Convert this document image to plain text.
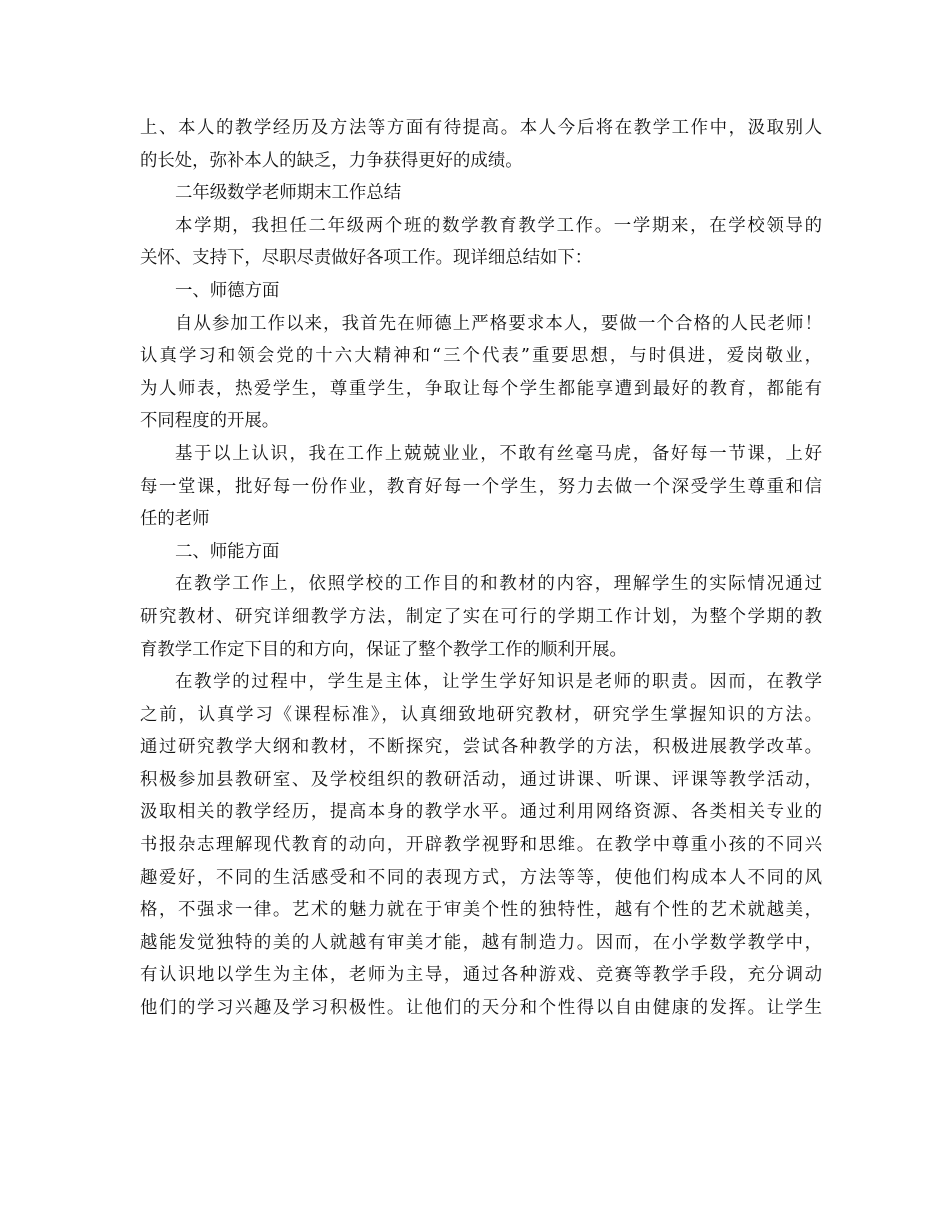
上、本人的教学经历及方法等方面有待提高。本人今后将在教学工作中，汲取别人
的长处，弥补本人的缺乏，力争获得更好的成绩。
二年级数学老师期末工作总结
本学期，我担任二年级两个班的数学教育教学工作。一学期来，在学校领导的
关怀、支持下，尽职尽责做好各项工作。现详细总结如下：
一、师德方面
自从参加工作以来，我首先在师德上严格要求本人，要做一个合格的人民老师！
认真学习和领会党的十六大精神和“三个代表”重要思想，与时俱进，爱岗敬业，
为人师表，热爱学生，尊重学生，争取让每个学生都能享遭到最好的教育，都能有
不同程度的开展。
基于以上认识，我在工作上兢兢业业，不敢有丝毫马虎，备好每一节课，上好
每一堂课，批好每一份作业，教育好每一个学生，努力去做一个深受学生尊重和信
任的老师
二、师能方面
在教学工作上，依照学校的工作目的和教材的内容，理解学生的实际情况通过
研究教材、研究详细教学方法，制定了实在可行的学期工作计划，为整个学期的教
育教学工作定下目的和方向，保证了整个教学工作的顺利开展。
在教学的过程中，学生是主体，让学生学好知识是老师的职责。因而，在教学
之前，认真学习《课程标准》，认真细致地研究教材，研究学生掌握知识的方法。
通过研究教学大纲和教材，不断探究，尝试各种教学的方法，积极进展教学改革。
积极参加县教研室、及学校组织的教研活动，通过讲课、听课、评课等教学活动，
汲取相关的教学经历，提高本身的教学水平。通过利用网络资源、各类相关专业的
书报杂志理解现代教育的动向，开辟教学视野和思维。在教学中尊重小孩的不同兴
趣爱好，不同的生活感受和不同的表现方式，方法等等，使他们构成本人不同的风
格，不强求一律。艺术的魅力就在于审美个性的独特性，越有个性的艺术就越美，
越能发觉独特的美的人就越有审美才能，越有制造力。因而，在小学数学教学中，
有认识地以学生为主体，老师为主导，通过各种游戏、竞赛等教学手段，充分调动
他们的学习兴趣及学习积极性。让他们的天分和个性得以自由健康的发挥。让学生
